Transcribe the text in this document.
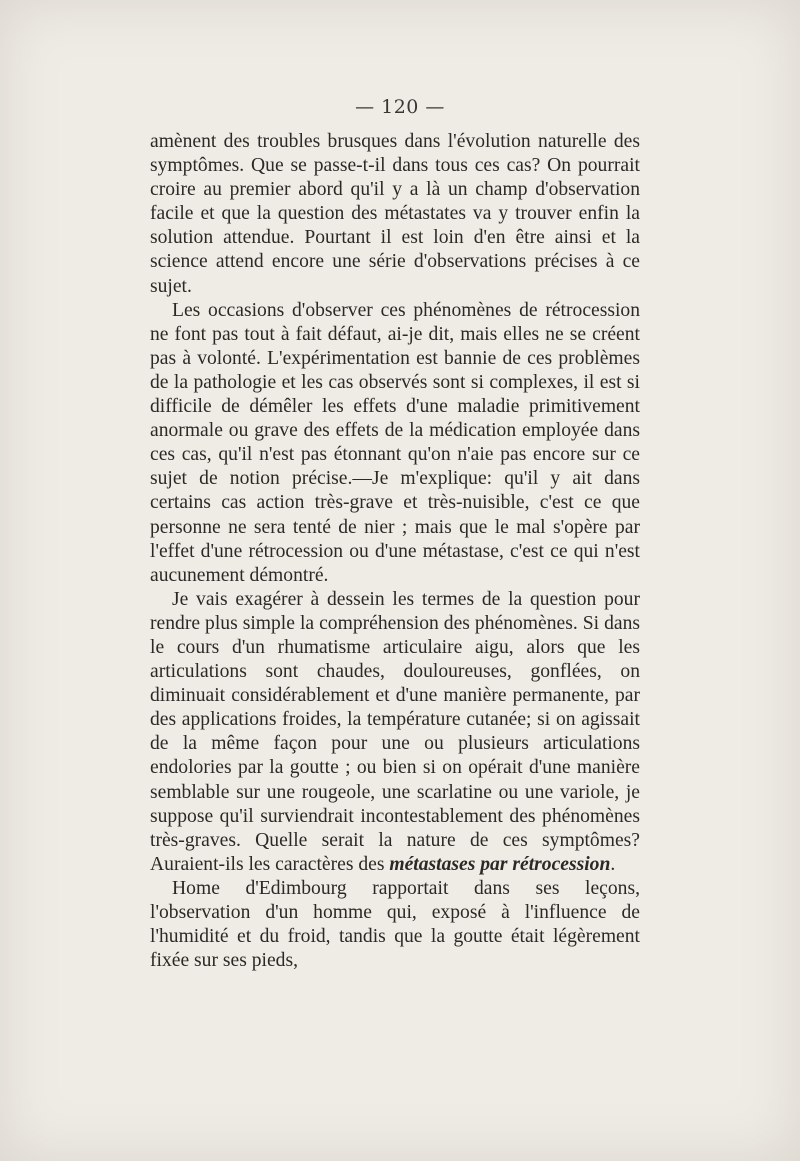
— 120 —

amènent des troubles brusques dans l'évolution naturelle des symptômes. Que se passe-t-il dans tous ces cas? On pourrait croire au premier abord qu'il y a là un champ d'observation facile et que la question des métastates va y trouver enfin la solution attendue. Pourtant il est loin d'en être ainsi et la science attend encore une série d'observations précises à ce sujet.

Les occasions d'observer ces phénomènes de rétrocession ne font pas tout à fait défaut, ai-je dit, mais elles ne se créent pas à volonté. L'expérimentation est bannie de ces problèmes de la pathologie et les cas observés sont si complexes, il est si difficile de démêler les effets d'une maladie primitivement anormale ou grave des effets de la médication employée dans ces cas, qu'il n'est pas étonnant qu'on n'aie pas encore sur ce sujet de notion précise.—Je m'explique: qu'il y ait dans certains cas action très-grave et très-nuisible, c'est ce que personne ne sera tenté de nier ; mais que le mal s'opère par l'effet d'une rétrocession ou d'une métastase, c'est ce qui n'est aucunement démontré.

Je vais exagérer à dessein les termes de la question pour rendre plus simple la compréhension des phénomènes. Si dans le cours d'un rhumatisme articulaire aigu, alors que les articulations sont chaudes, douloureuses, gonflées, on diminuait considérablement et d'une manière permanente, par des applications froides, la température cutanée; si on agissait de la même façon pour une ou plusieurs articulations endolories par la goutte ; ou bien si on opérait d'une manière semblable sur une rougeole, une scarlatine ou une variole, je suppose qu'il surviendrait incontestablement des phénomènes très-graves. Quelle serait la nature de ces symptômes? Auraient-ils les caractères des métastases par rétrocession.

Home d'Edimbourg rapportait dans ses leçons, l'observation d'un homme qui, exposé à l'influence de l'humidité et du froid, tandis que la goutte était légèrement fixée sur ses pieds,
